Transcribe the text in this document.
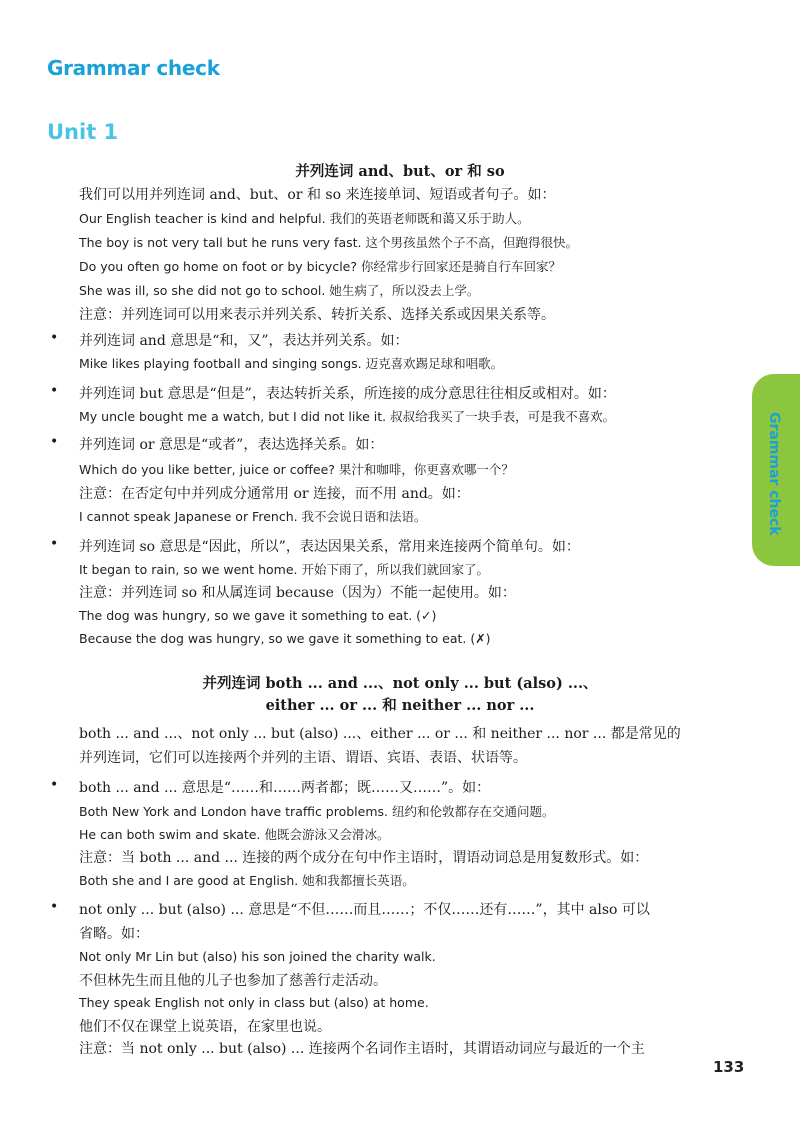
Grammar check
Unit 1
并列连词 and、but、or 和 so
我们可以用并列连词 and、but、or 和 so 来连接单词、短语或者句子。如：
Our English teacher is kind and helpful. 我们的英语老师既和蔼又乐于助人。
The boy is not very tall but he runs very fast. 这个男孩虽然个子不高，但跑得很快。
Do you often go home on foot or by bicycle? 你经常步行回家还是骑自行车回家？
She was ill, so she did not go to school. 她生病了，所以没去上学。
注意：并列连词可以用来表示并列关系、转折关系、选择关系或因果关系等。
并列连词 and 意思是“和，又”，表达并列关系。如：
•
Mike likes playing football and singing songs. 迈克喜欢踢足球和唱歌。
并列连词 but 意思是“但是”，表达转折关系，所连接的成分意思往往相反或相对。如：
•
My uncle bought me a watch, but I did not like it. 叔叔给我买了一块手表，可是我不喜欢。
并列连词 or 意思是“或者”，表达选择关系。如：
•
Which do you like better, juice or coffee? 果汁和咖啡，你更喜欢哪一个？
注意：在否定句中并列成分通常用 or 连接，而不用 and。如：
I cannot speak Japanese or French. 我不会说日语和法语。
并列连词 so 意思是“因此，所以”，表达因果关系，常用来连接两个简单句。如：
•
It began to rain, so we went home. 开始下雨了，所以我们就回家了。
注意：并列连词 so 和从属连词 because（因为）不能一起使用。如：
The dog was hungry, so we gave it something to eat. (✓)
Because the dog was hungry, so we gave it something to eat. (✗)
并列连词 both ... and ...、not only ... but (also) ...、
either ... or ... 和 neither ... nor ...
both ... and ...、not only ... but (also) ...、either ... or ... 和 neither ... nor ... 都是常见的
并列连词，它们可以连接两个并列的主语、谓语、宾语、表语、状语等。
both ... and ... 意思是“……和……两者都；既……又……”。如：
•
Both New York and London have traffic problems. 纽约和伦敦都存在交通问题。
He can both swim and skate. 他既会游泳又会滑冰。
注意：当 both ... and ... 连接的两个成分在句中作主语时，谓语动词总是用复数形式。如：
Both she and I are good at English. 她和我都擅长英语。
not only ... but (also) ... 意思是“不但……而且……；不仅……还有……”，其中 also 可以
•
省略。如：
Not only Mr Lin but (also) his son joined the charity walk.
不但林先生而且他的儿子也参加了慈善行走活动。
They speak English not only in class but (also) at home.
他们不仅在课堂上说英语，在家里也说。
注意：当 not only ... but (also) ... 连接两个名词作主语时，其谓语动词应与最近的一个主
Grammar check
133
